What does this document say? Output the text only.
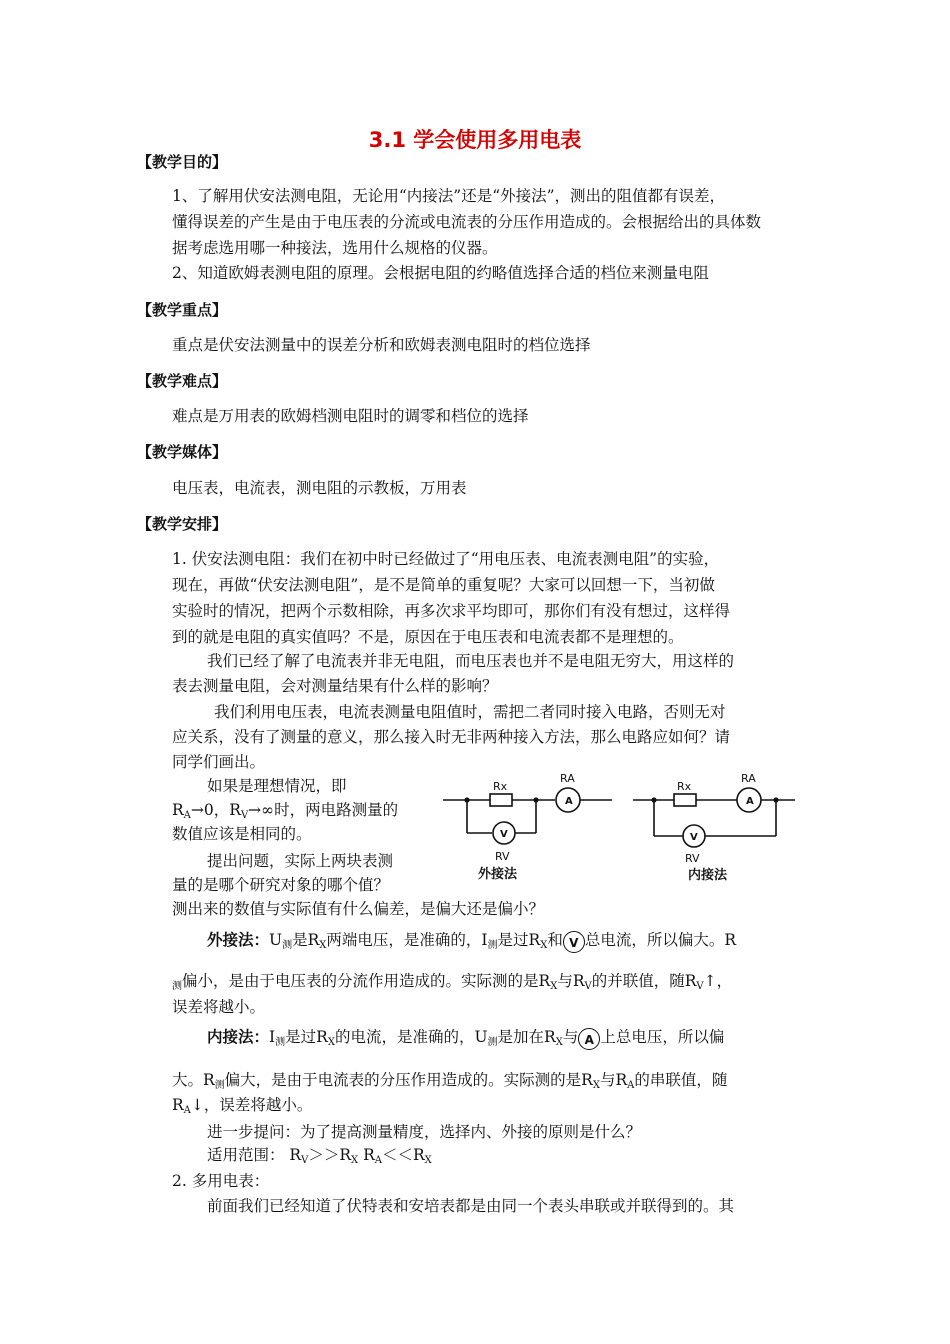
3.1 学会使用多用电表
【教学目的】
1、了解用伏安法测电阻，无论用“内接法”还是“外接法”，测出的阻值都有误差，
懂得误差的产生是由于电压表的分流或电流表的分压作用造成的。会根据给出的具体数
据考虑选用哪一种接法，选用什么规格的仪器。
2、知道欧姆表测电阻的原理。会根据电阻的约略值选择合适的档位来测量电阻
【教学重点】
重点是伏安法测量中的误差分析和欧姆表测电阻时的档位选择
【教学难点】
难点是万用表的欧姆档测电阻时的调零和档位的选择
【教学媒体】
电压表，电流表，测电阻的示教板，万用表
【教学安排】
1. 伏安法测电阻：我们在初中时已经做过了“用电压表、电流表测电阻”的实验，
现在，再做“伏安法测电阻”，是不是简单的重复呢？大家可以回想一下，当初做
实验时的情况，把两个示数相除，再多次求平均即可，那你们有没有想过，这样得
到的就是电阻的真实值吗？不是，原因在于电压表和电流表都不是理想的。
我们已经了解了电流表并非无电阻，而电压表也并不是电阻无穷大，用这样的
表去测量电阻，会对测量结果有什么样的影响？
我们利用电压表，电流表测量电阻值时，需把二者同时接入电路，否则无对
应关系，没有了测量的意义，那么接入时无非两种接入方法，那么电路应如何？请
同学们画出。
如果是理想情况，即
$R_A\to 0$，$R_V\to\infty$时，两电路测量的
数值应该是相同的。
提出问题，实际上两块表测
量的是哪个研究对象的哪个值？
测出来的数值与实际值有什么偏差，是偏大还是偏小？
Rx
RA
A
V
RV
外接法
Rx
RA
A
V
RV
内接法
外接法：$U_测$是$R_X$两端电压，是准确的，$I_测$是过$R_X$和 V 总电流，所以偏大。R
$_测$偏小，是由于电压表的分流作用造成的。实际测的是$R_X$与$R_V$的并联值，随$R_V↑$，
误差将越小。
内接法：$I_测$是过$R_X$的电流，是准确的，$U_测$是加在$R_X$与 A 上总电压，所以偏
大。$R_测$偏大，是由于电流表的分压作用造成的。实际测的是$R_X$与$R_A$的串联值，随
$R_A↓$，误差将越小。
进一步提问：为了提高测量精度，选择内、外接的原则是什么？
适用范围： $R_V>>R_X$ $R_A<<R_X$
2. 多用电表：
前面我们已经知道了伏特表和安培表都是由同一个表头串联或并联得到的。其
